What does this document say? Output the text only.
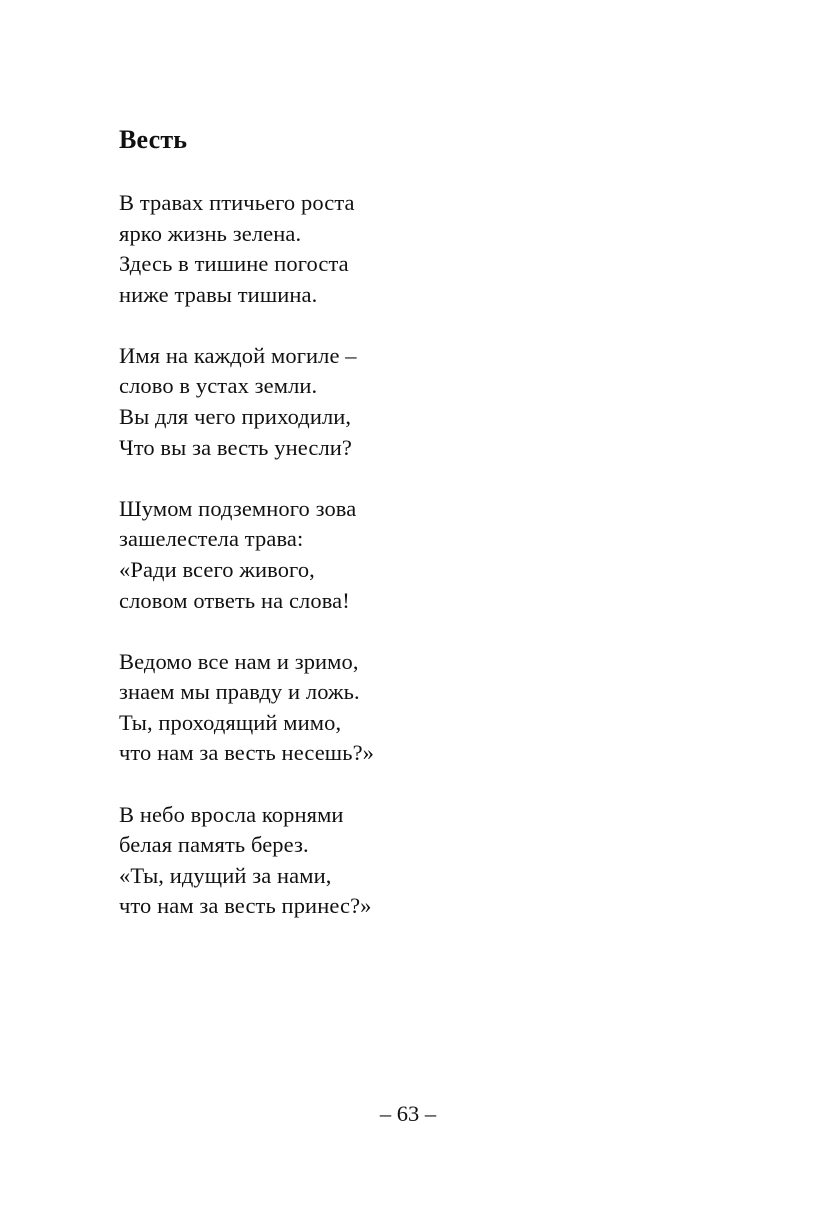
Весть
В травах птичьего роста
ярко жизнь зелена.
Здесь в тишине погоста
ниже травы тишина.
Имя на каждой могиле –
слово в устах земли.
Вы для чего приходили,
Что вы за весть унесли?
Шумом подземного зова
зашелестела трава:
«Ради всего живого,
словом ответь на слова!
Ведомо все нам и зримо,
знаем мы правду и ложь.
Ты, проходящий мимо,
что нам за весть несешь?»
В небо вросла корнями
белая память берез.
«Ты, идущий за нами,
что нам за весть принес?»
– 63 –
